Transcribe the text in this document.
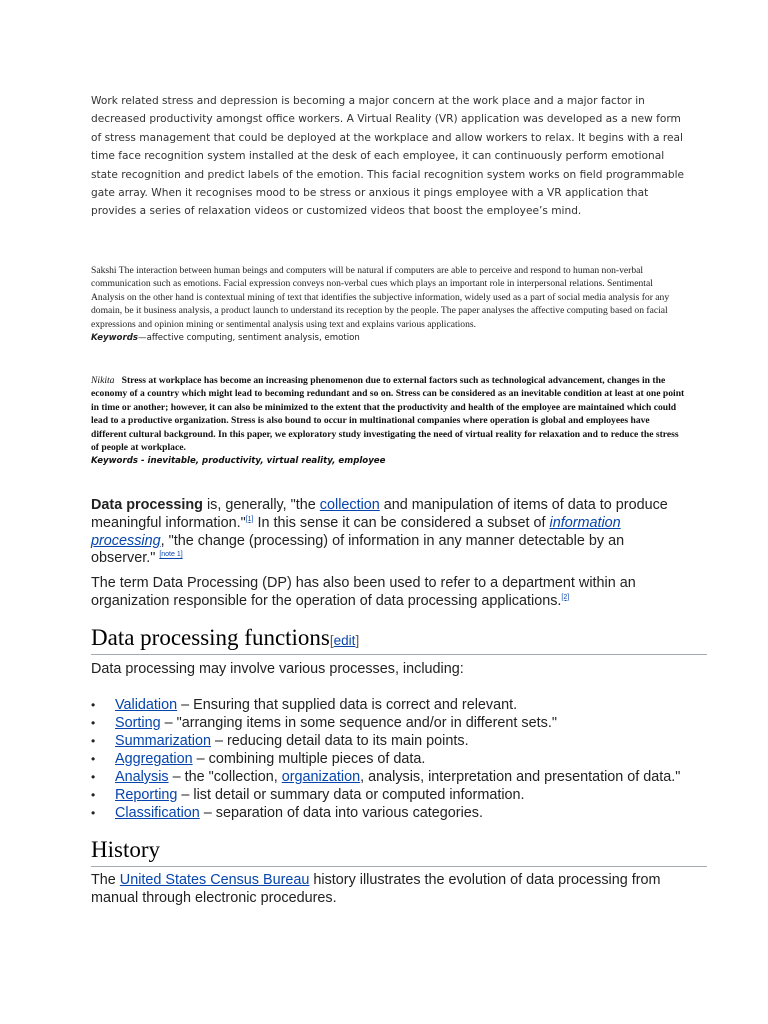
Work related stress and depression is becoming a major concern at the work place and a major factor in decreased productivity amongst office workers. A Virtual Reality (VR) application was developed as a new form of stress management that could be deployed at the workplace and allow workers to relax. It begins with a real time face recognition system installed at the desk of each employee, it can continuously perform emotional state recognition and predict labels of the emotion. This facial recognition system works on field programmable gate array. When it recognises mood to be stress or anxious it pings employee with a VR application that provides a series of relaxation videos or customized videos that boost the employee’s mind.

Sakshi The interaction between human beings and computers will be natural if computers are able to perceive and respond to human non-verbal communication such as emotions. Facial expression conveys non-verbal cues which plays an important role in interpersonal relations. Sentimental Analysis on the other hand is contextual mining of text that identifies the subjective information, widely used as a part of social media analysis for any domain, be it business analysis, a product launch to understand its reception by the people. The paper analyses the affective computing based on facial expressions and opinion mining or sentimental analysis using text and explains various applications.
Keywords—affective computing, sentiment analysis, emotion

Nikita Stress at workplace has become an increasing phenomenon due to external factors such as technological advancement, changes in the economy of a country which might lead to becoming redundant and so on. Stress can be considered as an inevitable condition at least at one point in time or another; however, it can also be minimized to the extent that the productivity and health of the employee are maintained which could lead to a productive organization. Stress is also bound to occur in multinational companies where operation is global and employees have different cultural background. In this paper, we exploratory study investigating the need of virtual reality for relaxation and to reduce the stress of people at workplace.
Keywords - inevitable, productivity, virtual reality, employee

Data processing is, generally, "the collection and manipulation of items of data to produce meaningful information."[1] In this sense it can be considered a subset of information processing, "the change (processing) of information in any manner detectable by an observer." [note 1]

The term Data Processing (DP) has also been used to refer to a department within an organization responsible for the operation of data processing applications.[2]

Data processing functions[edit]

Data processing may involve various processes, including:

• Validation – Ensuring that supplied data is correct and relevant.
• Sorting – "arranging items in some sequence and/or in different sets."
• Summarization – reducing detail data to its main points.
• Aggregation – combining multiple pieces of data.
• Analysis – the "collection, organization, analysis, interpretation and presentation of data."
• Reporting – list detail or summary data or computed information.
• Classification – separation of data into various categories.
History

The United States Census Bureau history illustrates the evolution of data processing from manual through electronic procedures.
